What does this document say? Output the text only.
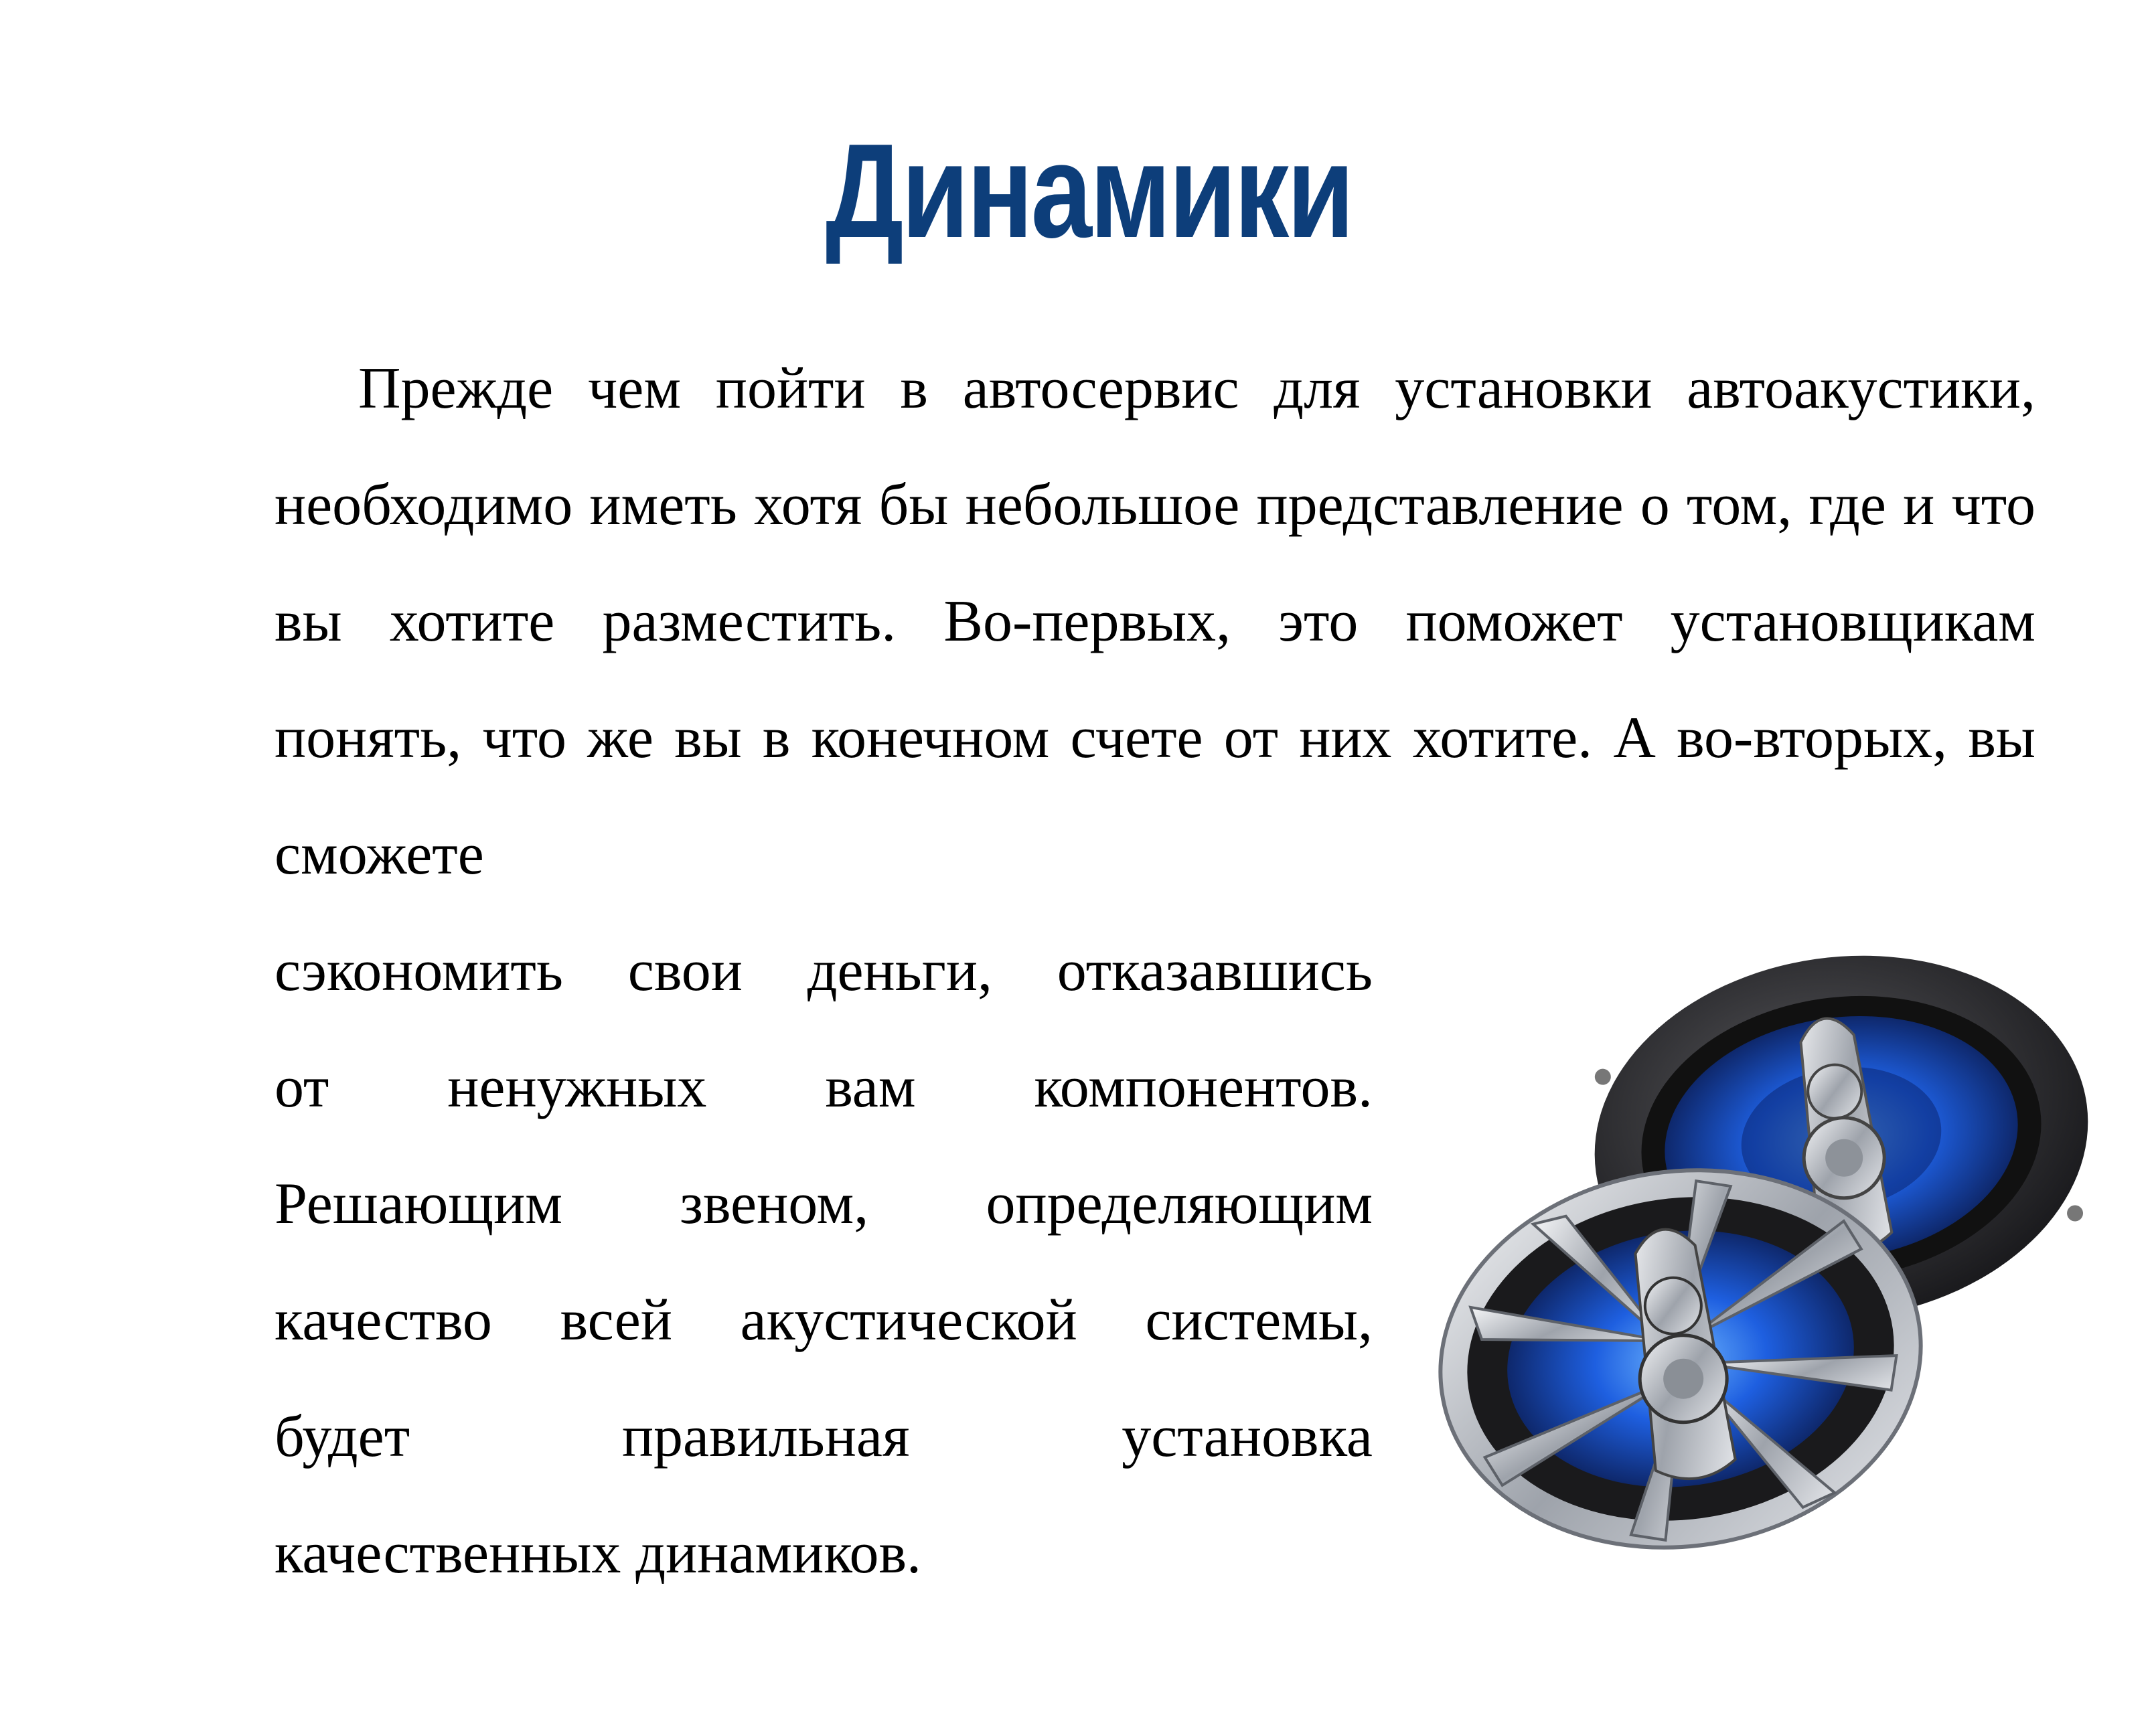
Динамики

Прежде чем пойти в автосервис для установки автоакустики, необходимо иметь хотя бы небольшое представление о том, где и что вы хотите разместить. Во-первых, это поможет установщикам понять, что же вы в конечном счете от них хотите. А во-вторых, вы сможете

сэкономить свои деньги, отказавшись
от ненужных вам компонентов.
Решающим звеном, определяющим
качество всей акустической системы,
будет правильная установка
качественных динамиков.
